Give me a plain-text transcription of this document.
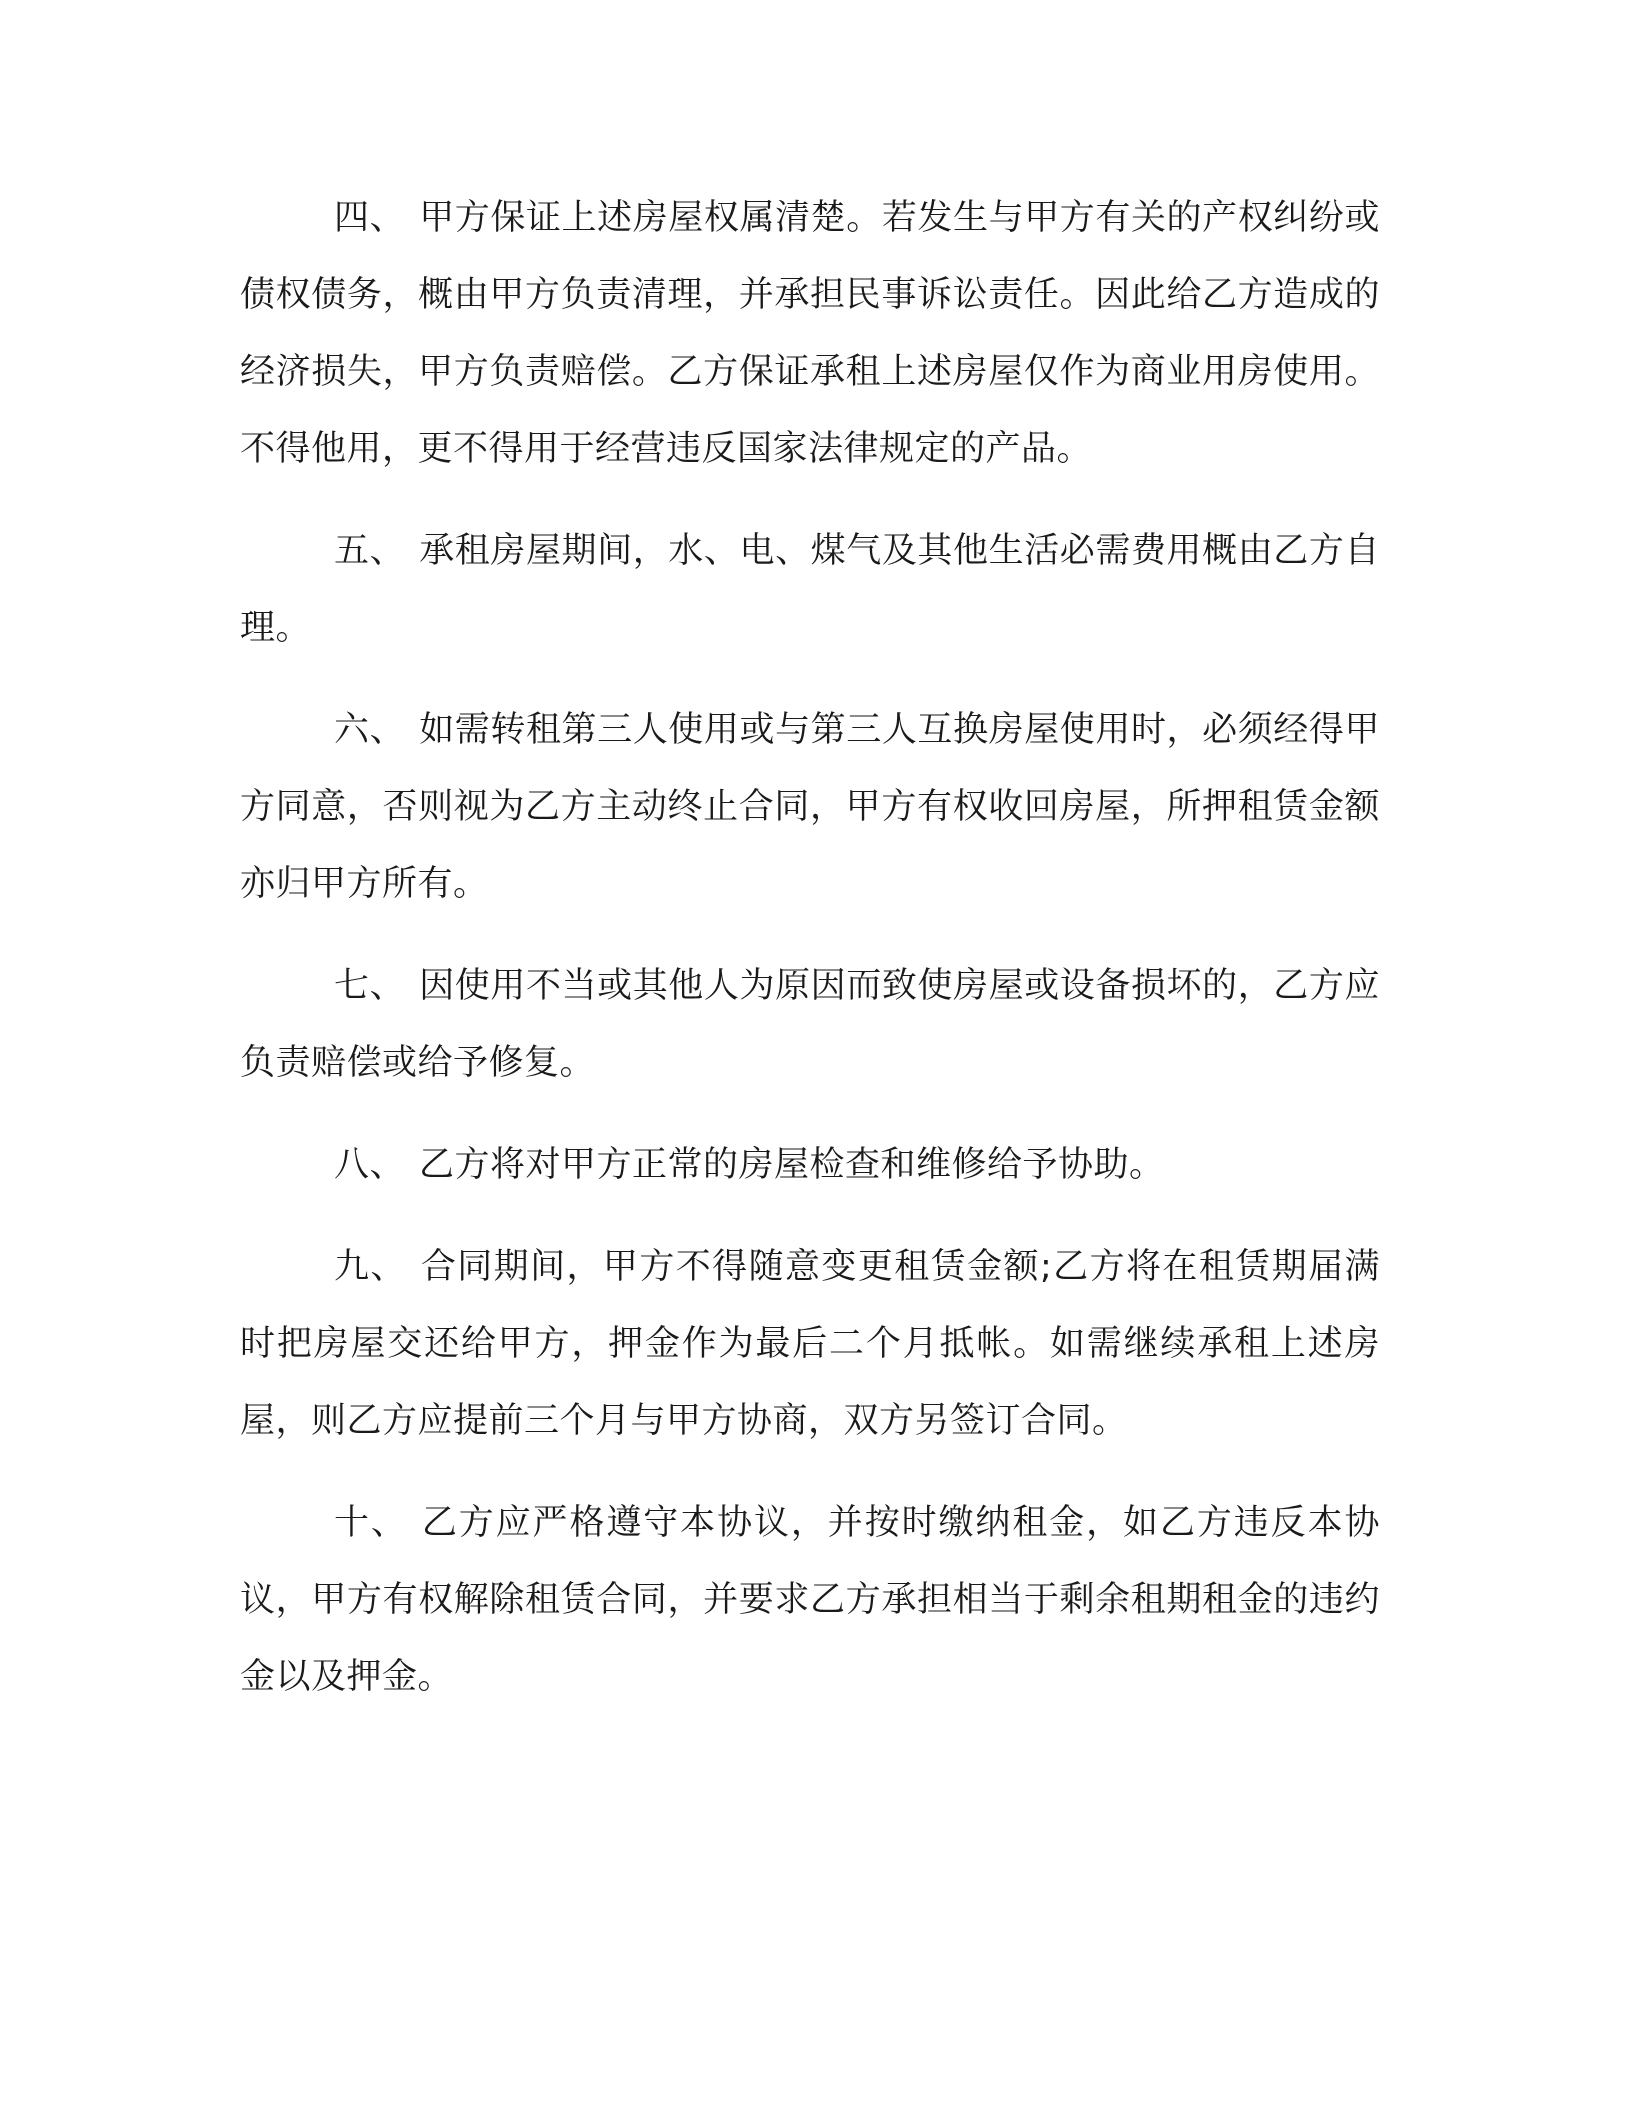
四、 甲方保证上述房屋权属清楚。若发生与甲方有关的产权纠纷或债权债务，概由甲方负责清理，并承担民事诉讼责任。因此给乙方造成的经济损失，甲方负责赔偿。乙方保证承租上述房屋仅作为商业用房使用。不得他用，更不得用于经营违反国家法律规定的产品。

五、 承租房屋期间，水、电、煤气及其他生活必需费用概由乙方自理。

六、 如需转租第三人使用或与第三人互换房屋使用时，必须经得甲方同意，否则视为乙方主动终止合同，甲方有权收回房屋，所押租赁金额亦归甲方所有。

七、 因使用不当或其他人为原因而致使房屋或设备损坏的，乙方应负责赔偿或给予修复。

八、 乙方将对甲方正常的房屋检查和维修给予协助。

九、 合同期间，甲方不得随意变更租赁金额;乙方将在租赁期届满时把房屋交还给甲方，押金作为最后二个月抵帐。如需继续承租上述房屋，则乙方应提前三个月与甲方协商，双方另签订合同。

十、 乙方应严格遵守本协议，并按时缴纳租金，如乙方违反本协议，甲方有权解除租赁合同，并要求乙方承担相当于剩余租期租金的违约金以及押金。
